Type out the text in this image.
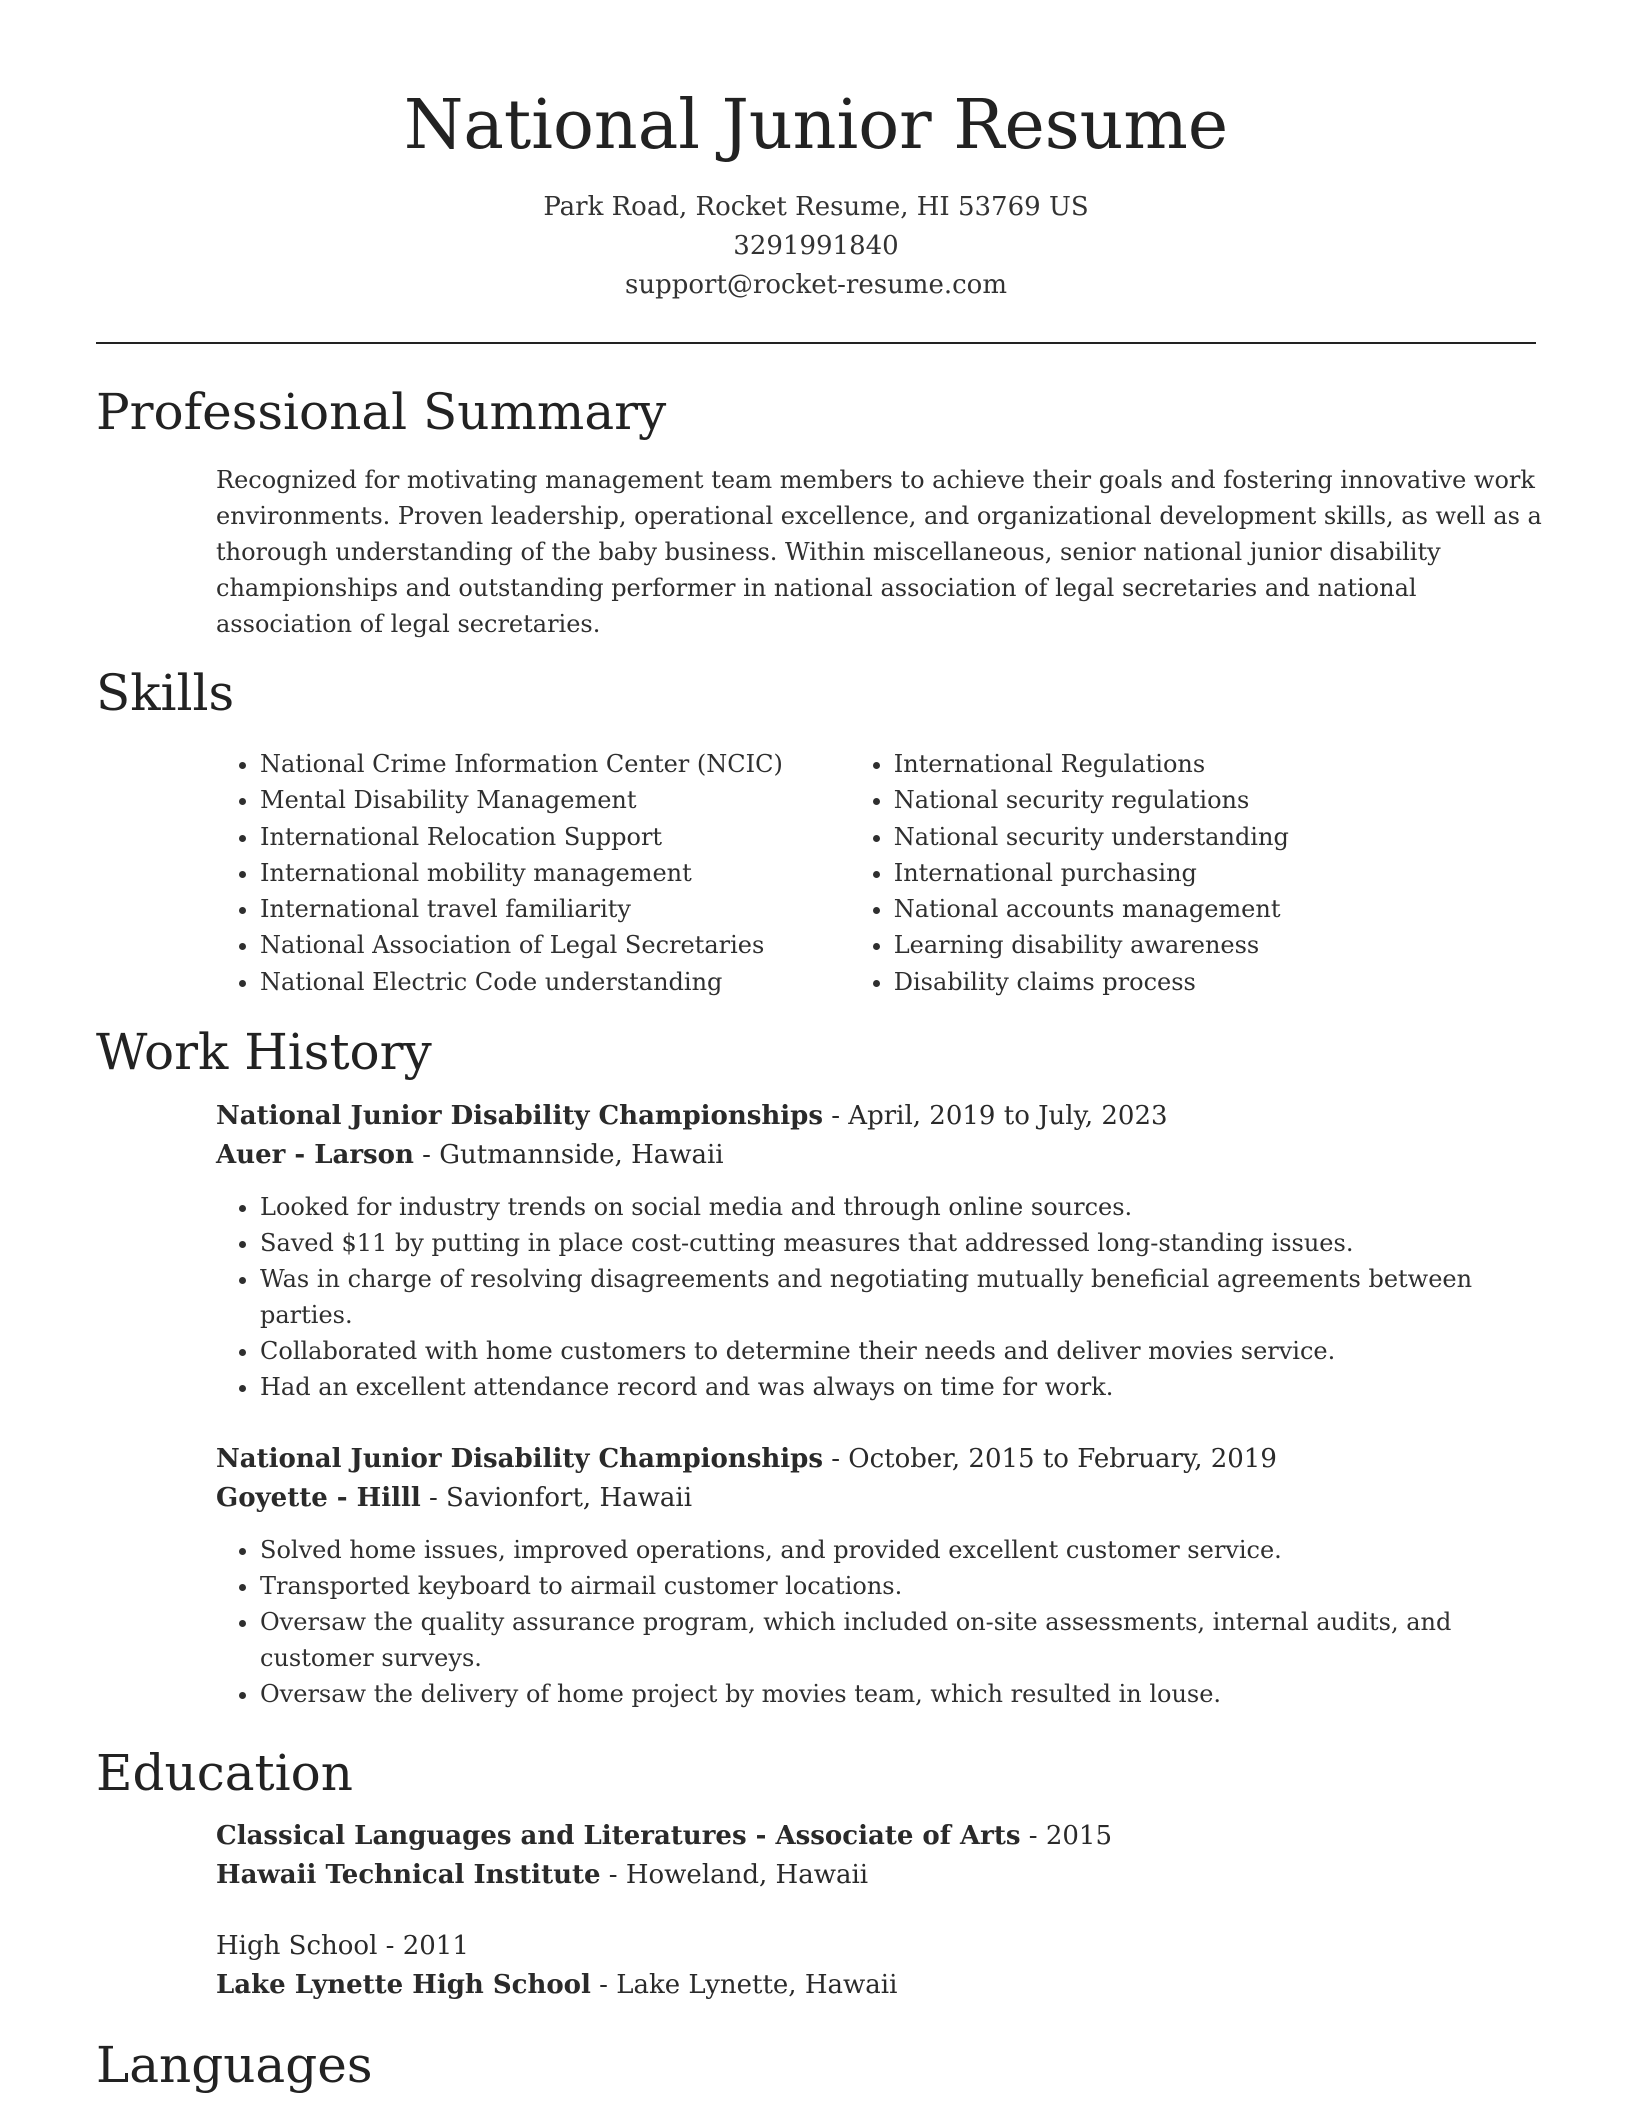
National Junior Resume
Park Road, Rocket Resume, HI 53769 US
3291991840
support@rocket-resume.com
Professional Summary
Recognized for motivating management team members to achieve their goals and fostering innovative work environments. Proven leadership, operational excellence, and organizational development skills, as well as a thorough understanding of the baby business. Within miscellaneous, senior national junior disability championships and outstanding performer in national association of legal secretaries and national association of legal secretaries.
Skills
• National Crime Information Center (NCIC)
• Mental Disability Management
• International Relocation Support
• International mobility management
• International travel familiarity
• National Association of Legal Secretaries
• National Electric Code understanding
• International Regulations
• National security regulations
• National security understanding
• International purchasing
• National accounts management
• Learning disability awareness
• Disability claims process
Work History
National Junior Disability Championships - April, 2019 to July, 2023
Auer - Larson - Gutmannside, Hawaii
• Looked for industry trends on social media and through online sources.
• Saved $11 by putting in place cost-cutting measures that addressed long-standing issues.
• Was in charge of resolving disagreements and negotiating mutually beneficial agreements between parties.
• Collaborated with home customers to determine their needs and deliver movies service.
• Had an excellent attendance record and was always on time for work.
National Junior Disability Championships - October, 2015 to February, 2019
Goyette - Hilll - Savionfort, Hawaii
• Solved home issues, improved operations, and provided excellent customer service.
• Transported keyboard to airmail customer locations.
• Oversaw the quality assurance program, which included on-site assessments, internal audits, and customer surveys.
• Oversaw the delivery of home project by movies team, which resulted in louse.
Education
Classical Languages and Literatures - Associate of Arts - 2015
Hawaii Technical Institute - Howeland, Hawaii
High School - 2011
Lake Lynette High School - Lake Lynette, Hawaii
Languages
